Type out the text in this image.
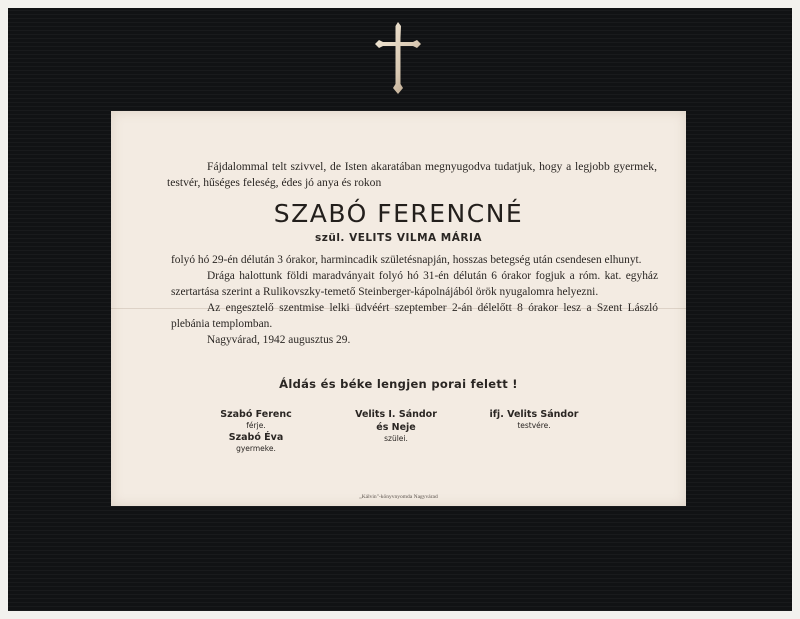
Fájdalommal telt szivvel, de Isten akaratában megnyugodva tudatjuk, hogy a legjobb gyermek, testvér, hűséges feleség, édes jó anya és rokon
SZABÓ FERENCNÉ
szül. VELITS VILMA MÁRIA

folyó hó 29-én délután 3 órakor, harmincadik születésnapján, hosszas betegség után csendesen elhunyt.

Drága halottunk földi maradványait folyó hó 31-én délután 6 órakor fogjuk a róm. kat. egyház szertartása szerint a Rulikovszky-temető Steinberger-kápolnájából örök nyugalomra helyezni.

Az engesztelő szentmise lelki üdvéért szeptember 2-án délelőtt 8 órakor lesz a Szent László plebánia templomban.

Nagyvárad, 1942 augusztus 29.

Áldás és béke lengjen porai felett !
Szabó Ferenc
férje.
Szabó Éva
gyermeke.
Velits I. Sándor
és Neje
szülei.
ifj. Velits Sándor
testvére.
„Kálvin"-könyvnyomda Nagyvárad
